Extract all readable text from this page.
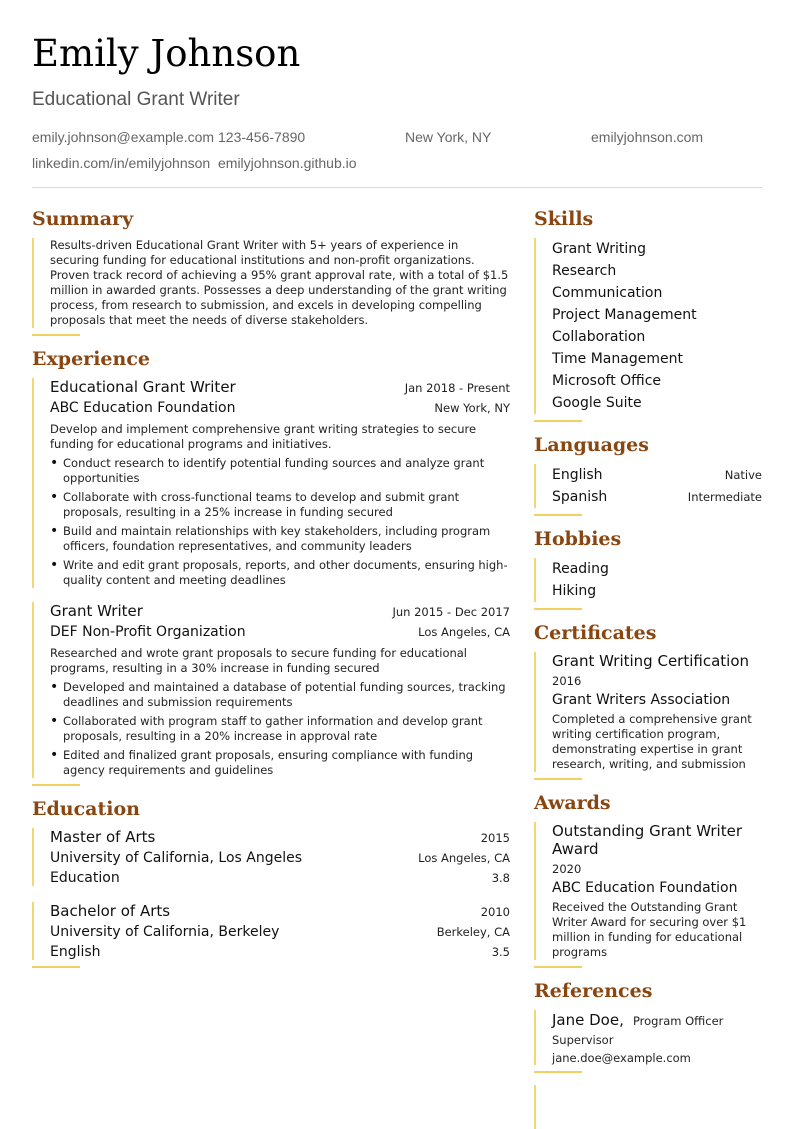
Emily Johnson
Educational Grant Writer
emily.johnson@example.com 123-456-7890	New York, NY	emilyjohnson.com
linkedin.com/in/emilyjohnson emilyjohnson.github.io
Summary
Results-driven Educational Grant Writer with 5+ years of experience in securing funding for educational institutions and non-profit organizations. Proven track record of achieving a 95% grant approval rate, with a total of $1.5 million in awarded grants. Possesses a deep understanding of the grant writing process, from research to submission, and excels in developing compelling proposals that meet the needs of diverse stakeholders.
Experience
Educational Grant Writer	Jan 2018 - Present
ABC Education Foundation	New York, NY
Develop and implement comprehensive grant writing strategies to secure funding for educational programs and initiatives.
• Conduct research to identify potential funding sources and analyze grant opportunities
• Collaborate with cross-functional teams to develop and submit grant proposals, resulting in a 25% increase in funding secured
• Build and maintain relationships with key stakeholders, including program officers, foundation representatives, and community leaders
• Write and edit grant proposals, reports, and other documents, ensuring high-quality content and meeting deadlines
Grant Writer	Jun 2015 - Dec 2017
DEF Non-Profit Organization	Los Angeles, CA
Researched and wrote grant proposals to secure funding for educational programs, resulting in a 30% increase in funding secured
• Developed and maintained a database of potential funding sources, tracking deadlines and submission requirements
• Collaborated with program staff to gather information and develop grant proposals, resulting in a 20% increase in approval rate
• Edited and finalized grant proposals, ensuring compliance with funding agency requirements and guidelines
Education
Master of Arts	2015
University of California, Los Angeles	Los Angeles, CA
Education	3.8
Bachelor of Arts	2010
University of California, Berkeley	Berkeley, CA
English	3.5
Skills
Grant Writing
Research
Communication
Project Management
Collaboration
Time Management
Microsoft Office
Google Suite
Languages
English	Native
Spanish	Intermediate
Hobbies
Reading
Hiking
Certificates
Grant Writing Certification
2016
Grant Writers Association
Completed a comprehensive grant writing certification program, demonstrating expertise in grant research, writing, and submission
Awards
Outstanding Grant Writer Award
2020
ABC Education Foundation
Received the Outstanding Grant Writer Award for securing over $1 million in funding for educational programs
References
Jane Doe, Program Officer
Supervisor
jane.doe@example.com
